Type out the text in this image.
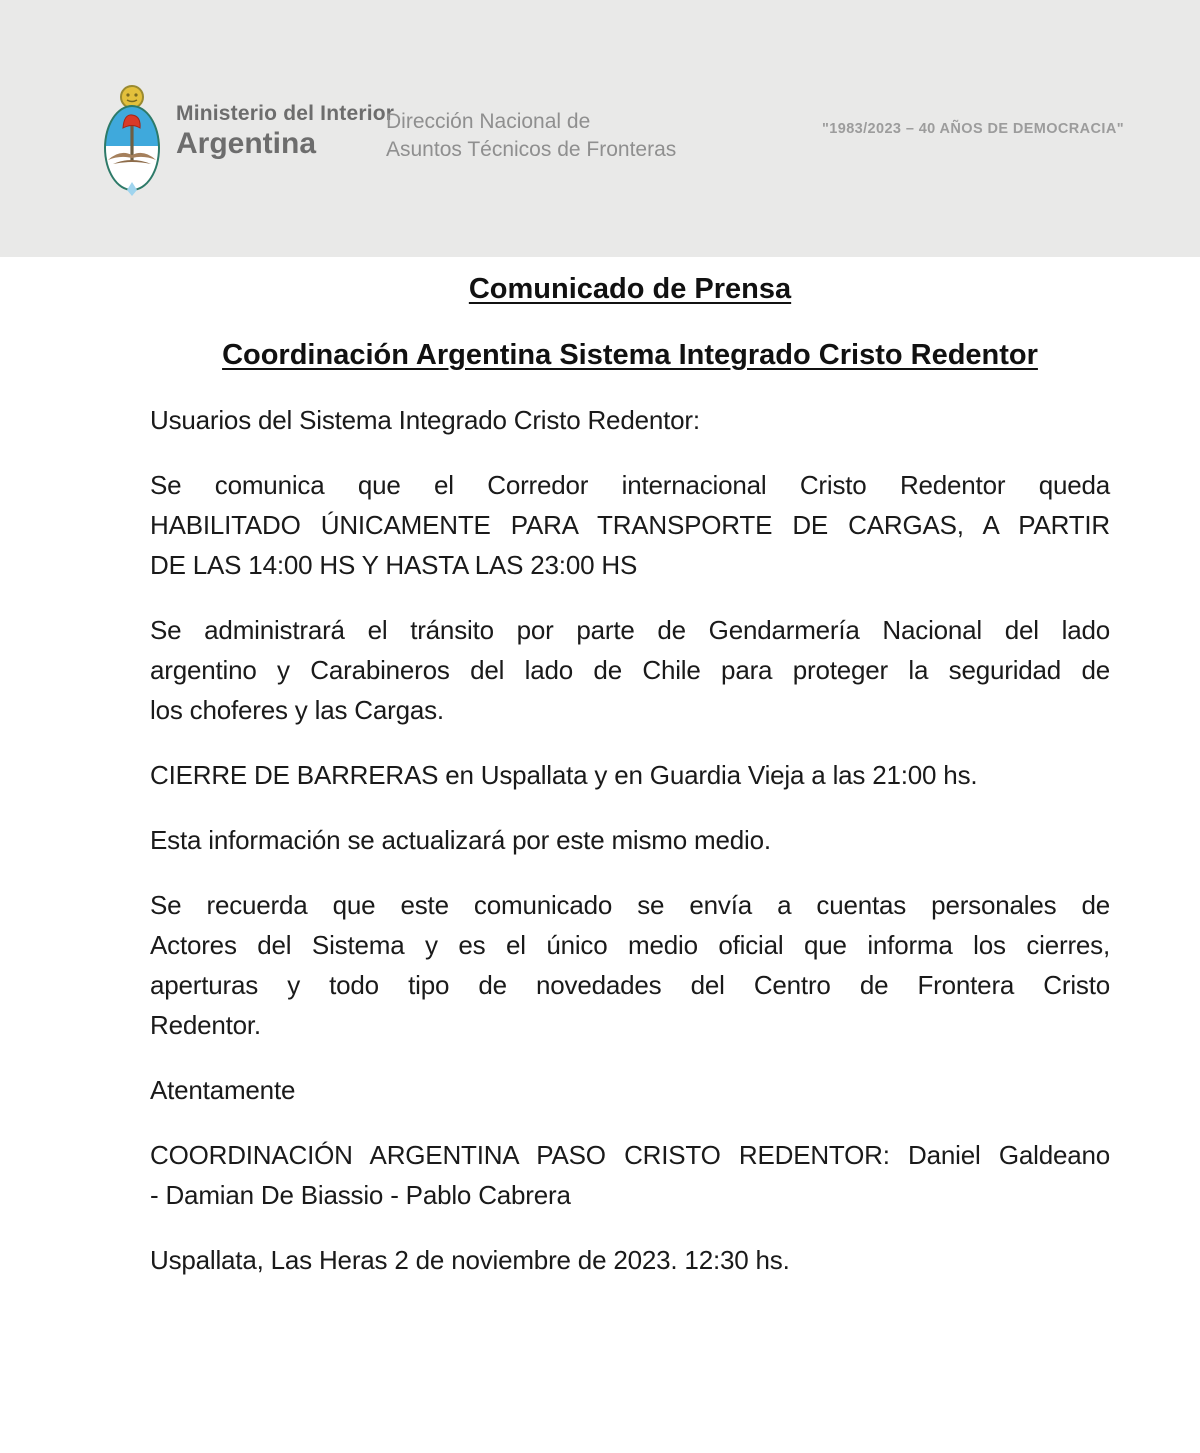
Ministerio del Interior
Argentina
Dirección Nacional de
Asuntos Técnicos de Fronteras
"1983/2023 – 40 AÑOS DE DEMOCRACIA"
Comunicado de Prensa
Coordinación Argentina Sistema Integrado Cristo Redentor

Usuarios del Sistema Integrado Cristo Redentor:

Se comunica que el Corredor internacional Cristo Redentor queda
HABILITADO ÚNICAMENTE PARA TRANSPORTE DE CARGAS, A PARTIR
DE LAS 14:00 HS Y HASTA LAS 23:00 HS

Se administrará el tránsito por parte de Gendarmería Nacional del lado
argentino y Carabineros del lado de Chile para proteger la seguridad de
los choferes y las Cargas.

CIERRE DE BARRERAS en Uspallata y en Guardia Vieja a las 21:00 hs.

Esta información se actualizará por este mismo medio.

Se recuerda que este comunicado se envía a cuentas personales de
Actores del Sistema y es el único medio oficial que informa los cierres,
aperturas y todo tipo de novedades del Centro de Frontera Cristo
Redentor.

Atentamente

COORDINACIÓN ARGENTINA PASO CRISTO REDENTOR: Daniel Galdeano
- Damian De Biassio - Pablo Cabrera

Uspallata, Las Heras 2 de noviembre de 2023. 12:30 hs.
